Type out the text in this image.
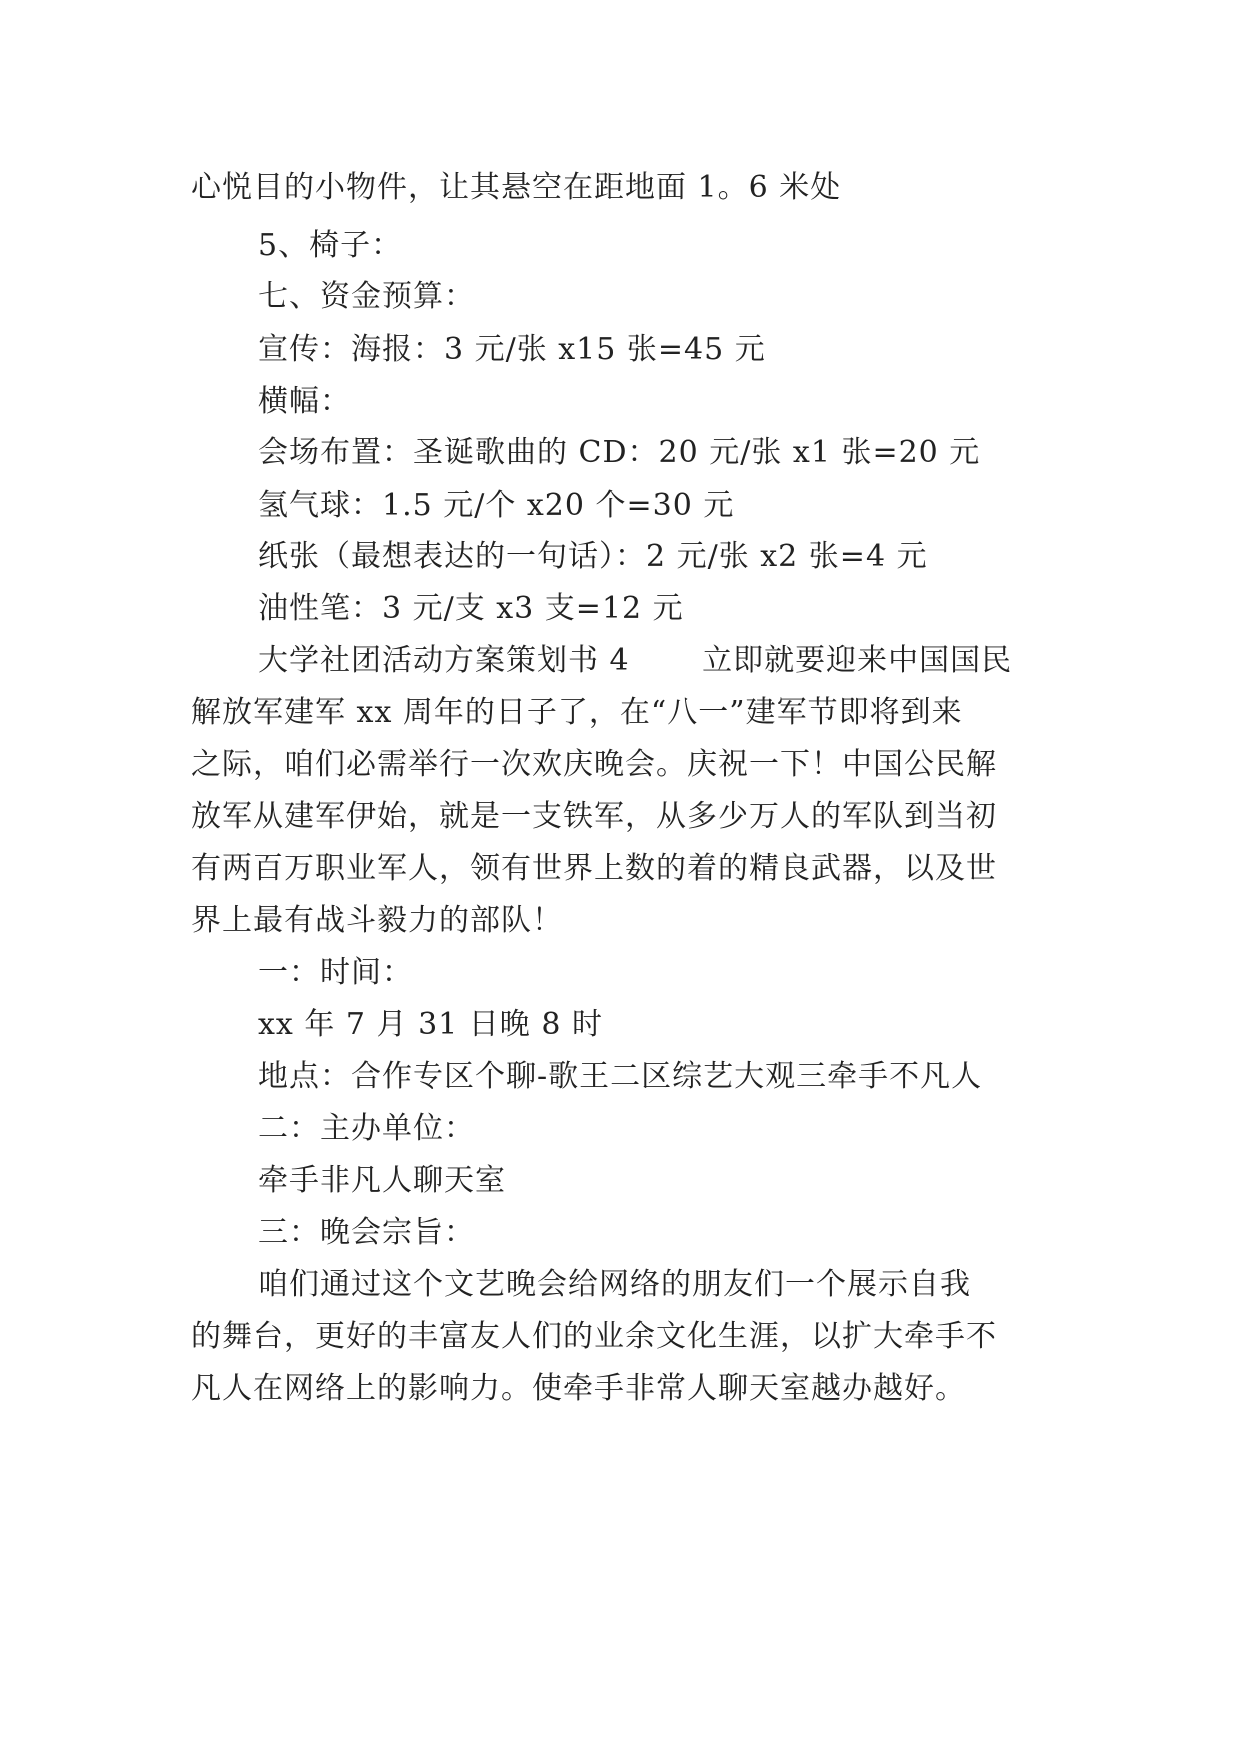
心悦目的小物件，让其悬空在距地面 1。6 米处
5、椅子：
七、资金预算：
宣传：海报：3 元/张 x15 张=45 元
横幅：
会场布置：圣诞歌曲的 CD：20 元/张 x1 张=20 元
氢气球：1.5 元/个 x20 个=30 元
纸张（最想表达的一句话）：2 元/张 x2 张=4 元
油性笔：3 元/支 x3 支=12 元
大学社团活动方案策划书 4　　 立即就要迎来中国国民
解放军建军 xx 周年的日子了，在“八一”建军节即将到来
之际，咱们必需举行一次欢庆晚会。庆祝一下！中国公民解
放军从建军伊始，就是一支铁军，从多少万人的军队到当初
有两百万职业军人，领有世界上数的着的精良武器，以及世
界上最有战斗毅力的部队！
一：时间：
xx 年 7 月 31 日晚 8 时
地点：合作专区个聊-歌王二区综艺大观三牵手不凡人
二：主办单位：
牵手非凡人聊天室
三：晚会宗旨：
咱们通过这个文艺晚会给网络的朋友们一个展示自我
的舞台，更好的丰富友人们的业余文化生涯，以扩大牵手不
凡人在网络上的影响力。使牵手非常人聊天室越办越好。
